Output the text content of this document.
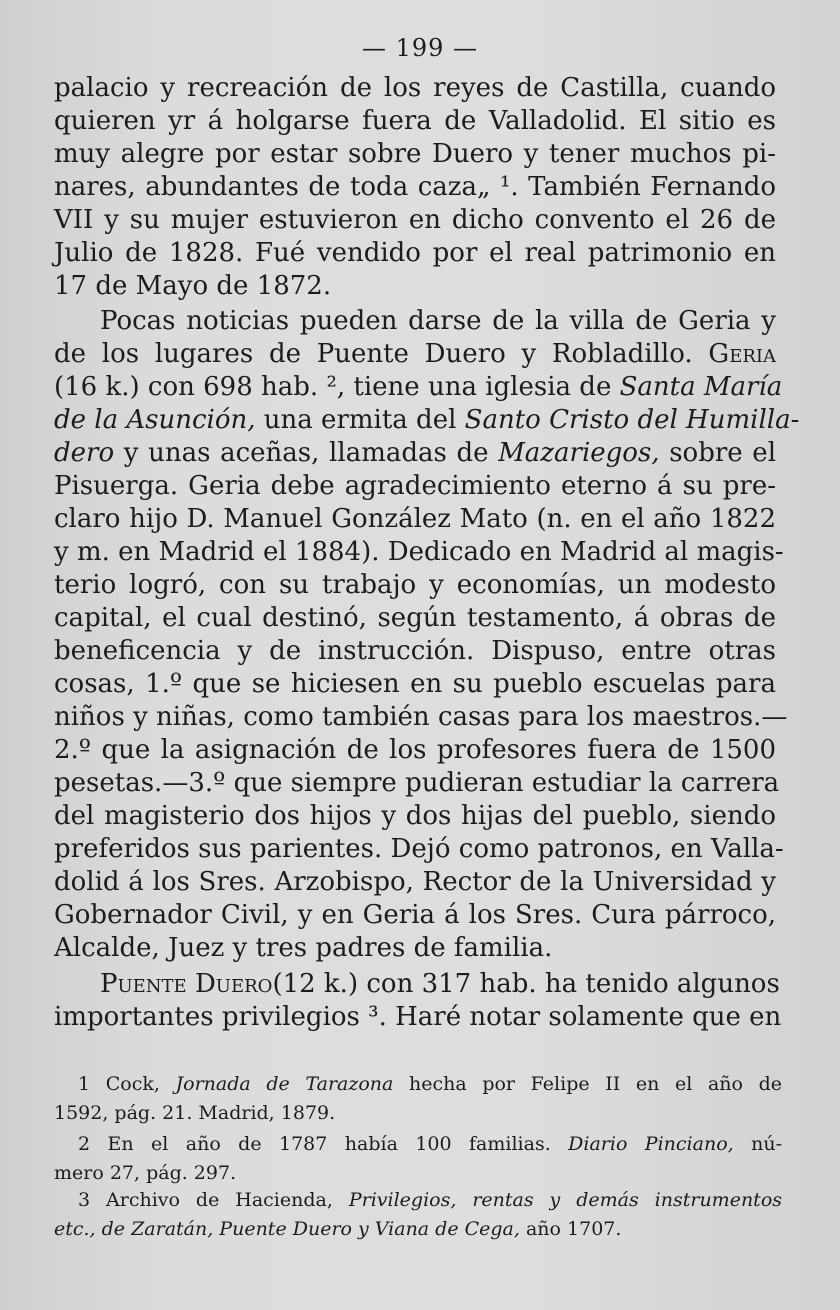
— 199 —
palacio y recreación de los reyes de Castilla, cuando
quieren yr á holgarse fuera de Valladolid. El sitio es
muy alegre por estar sobre Duero y tener muchos pi-
nares, abundantes de toda caza„ ¹. También Fernando
VII y su mujer estuvieron en dicho convento el 26 de
Julio de 1828. Fué vendido por el real patrimonio en
17 de Mayo de 1872.
Pocas noticias pueden darse de la villa de Geria y
de los lugares de Puente Duero y Robladillo. Geria
(16 k.) con 698 hab. ², tiene una iglesia de Santa María
de la Asunción, una ermita del Santo Cristo del Humilla-
dero y unas aceñas, llamadas de Mazariegos, sobre el
Pisuerga. Geria debe agradecimiento eterno á su pre-
claro hijo D. Manuel González Mato (n. en el año 1822
y m. en Madrid el 1884). Dedicado en Madrid al magis-
terio logró, con su trabajo y economías, un modesto
capital, el cual destinó, según testamento, á obras de
beneficencia y de instrucción. Dispuso, entre otras
cosas, 1.º que se hiciesen en su pueblo escuelas para
niños y niñas, como también casas para los maestros.—
2.º que la asignación de los profesores fuera de 1500
pesetas.—3.º que siempre pudieran estudiar la carrera
del magisterio dos hijos y dos hijas del pueblo, siendo
preferidos sus parientes. Dejó como patronos, en Valla-
dolid á los Sres. Arzobispo, Rector de la Universidad y
Gobernador Civil, y en Geria á los Sres. Cura párroco,
Alcalde, Juez y tres padres de familia.
Puente Duero(12 k.) con 317 hab. ha tenido algunos
importantes privilegios ³. Haré notar solamente que en
1 Cock, Jornada de Tarazona hecha por Felipe II en el año de
1592, pág. 21. Madrid, 1879.
2 En el año de 1787 había 100 familias. Diario Pinciano, nú-
mero 27, pág. 297.
3 Archivo de Hacienda, Privilegios, rentas y demás instrumentos
etc., de Zaratán, Puente Duero y Viana de Cega, año 1707.
